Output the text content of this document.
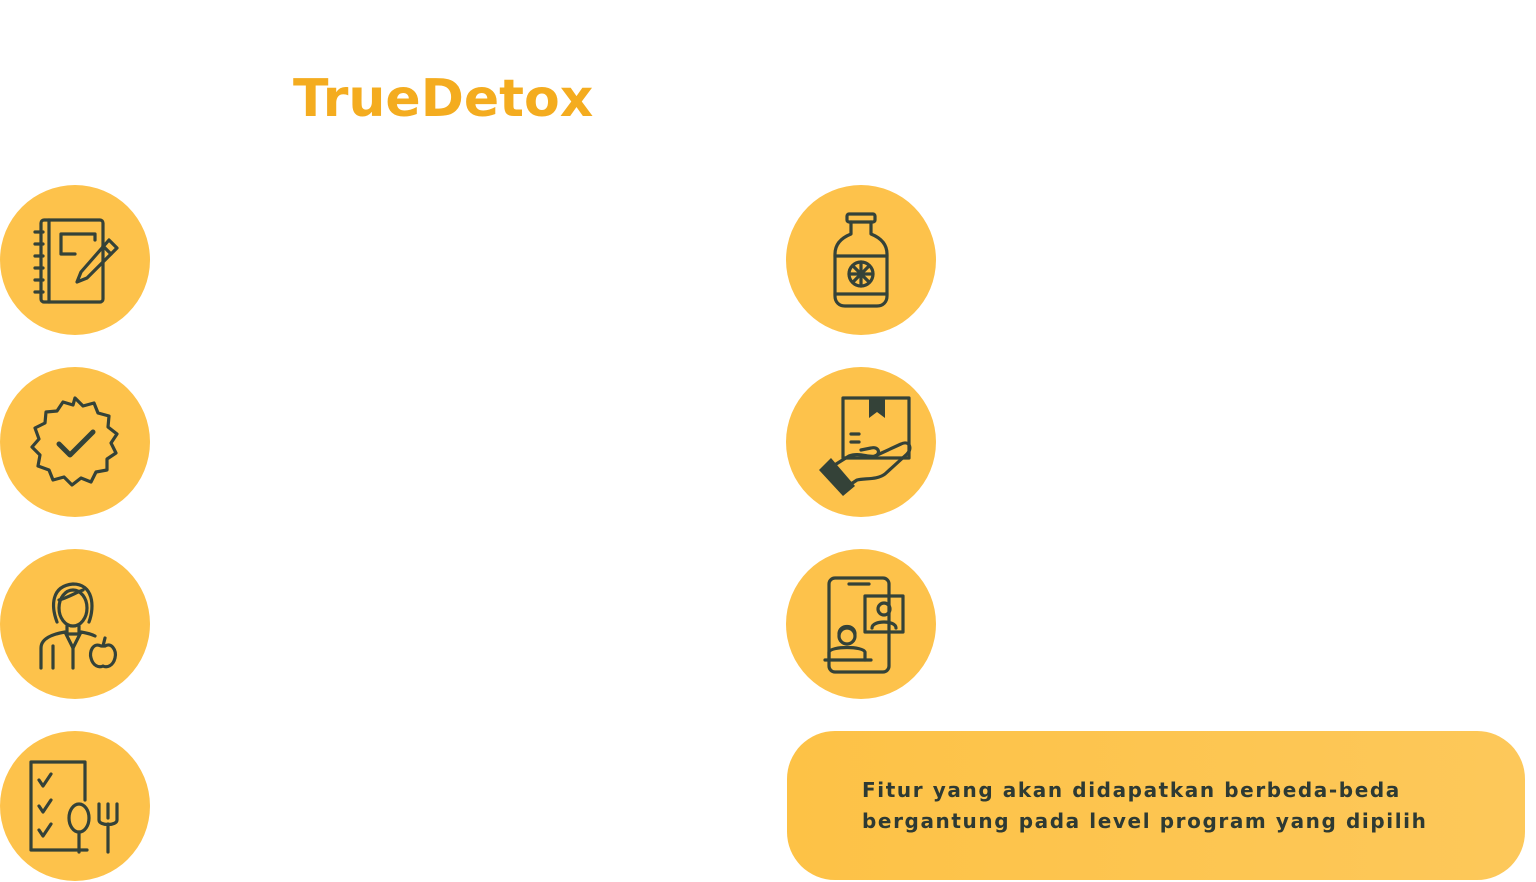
TrueDetox

Fitur yang akan didapatkan berbeda-beda

bergantung pada level program yang dipilih
